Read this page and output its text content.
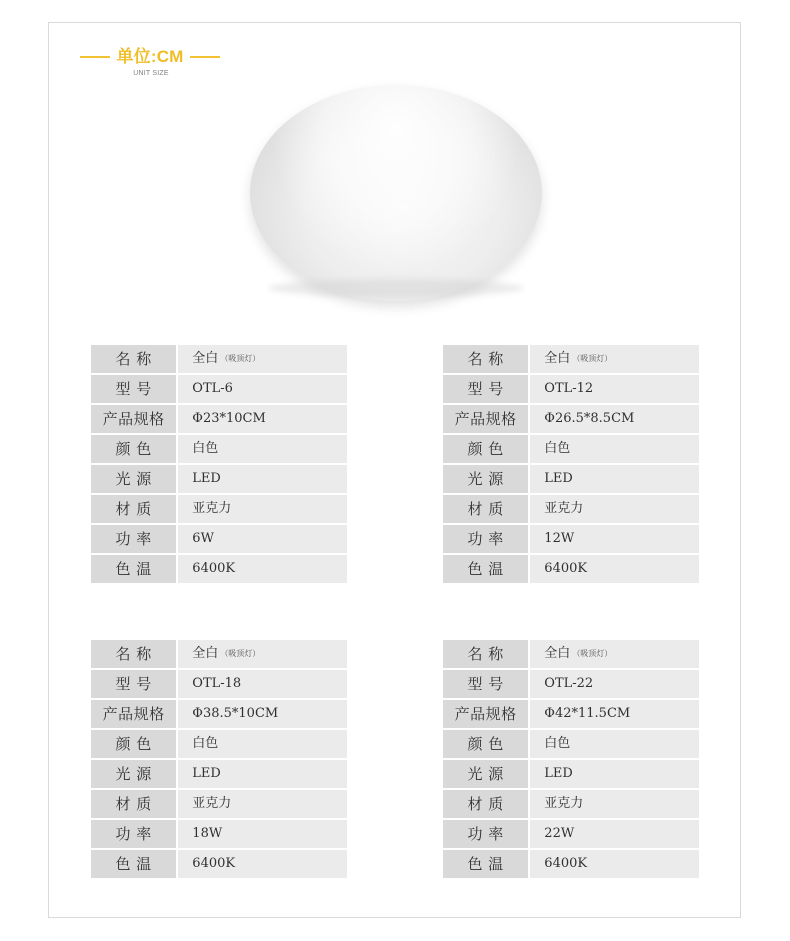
单位:CM
UNIT SIZE
名 称	全白 （吸顶灯）
型 号	OTL-6
产品规格	Φ23*10CM
颜 色	白色
光 源	LED
材 质	亚克力
功 率	6W
色 温	6400K
名 称	全白 （吸顶灯）
型 号	OTL-12
产品规格	Φ26.5*8.5CM
颜 色	白色
光 源	LED
材 质	亚克力
功 率	12W
色 温	6400K
名 称	全白 （吸顶灯）
型 号	OTL-18
产品规格	Φ38.5*10CM
颜 色	白色
光 源	LED
材 质	亚克力
功 率	18W
色 温	6400K
名 称	全白 （吸顶灯）
型 号	OTL-22
产品规格	Φ42*11.5CM
颜 色	白色
光 源	LED
材 质	亚克力
功 率	22W
色 温	6400K
